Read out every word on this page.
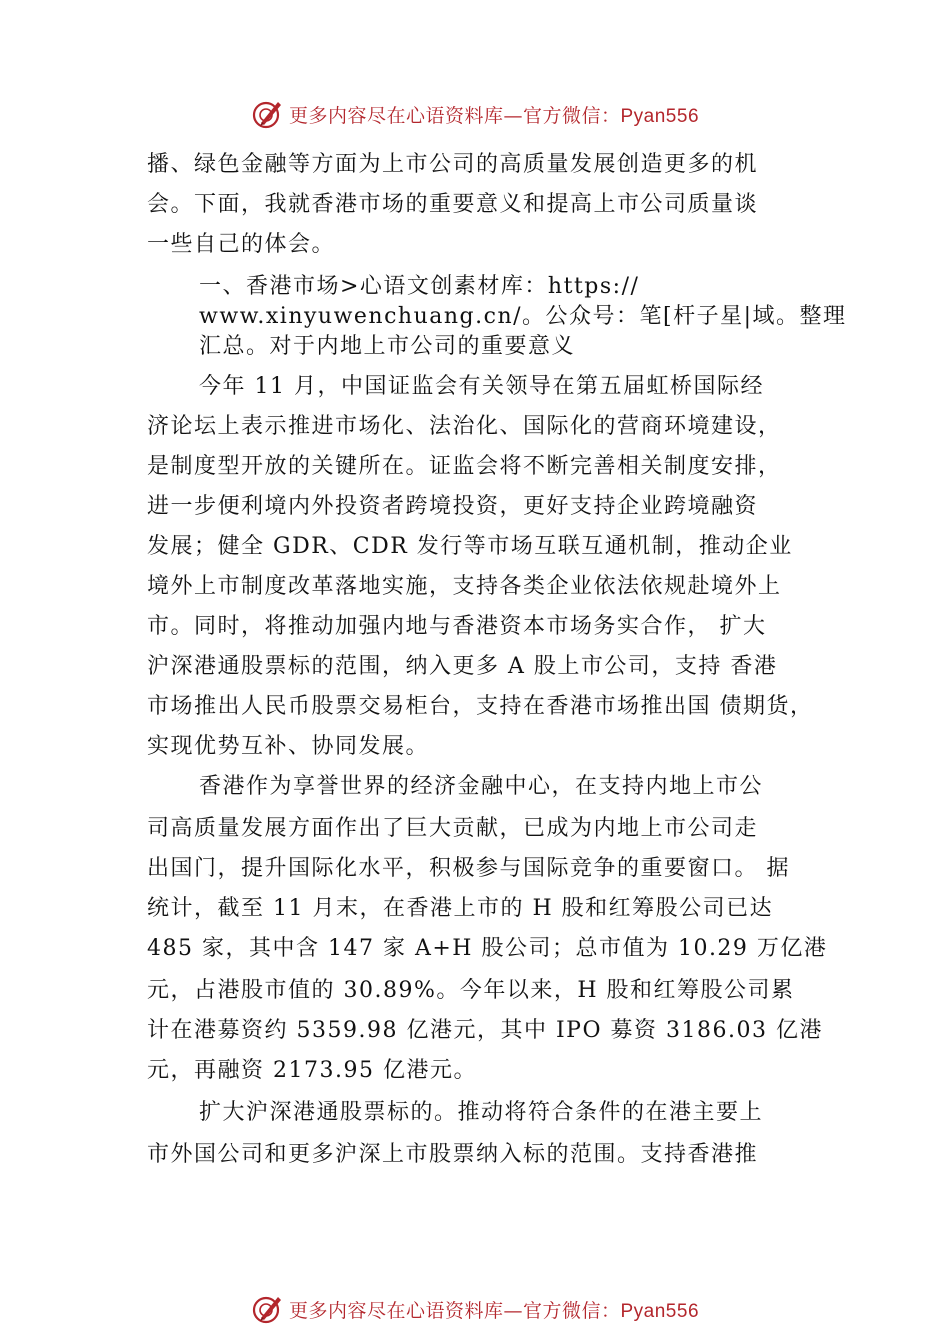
更多内容尽在心语资料库—官方微信：Pyan556
播、绿色金融等方面为上市公司的高质量发展创造更多的机
会。下面，我就香港市场的重要意义和提高上市公司质量谈
一些自己的体会。
一、香港市场>心语文创素材库：https://
www.xinyuwenchuang.cn/。公众号：笔[杆子星|域。整理
汇总。对于内地上市公司的重要意义
今年 11 月，中国证监会有关领导在第五届虹桥国际经
济论坛上表示推进市场化、法治化、国际化的营商环境建设，
是制度型开放的关键所在。证监会将不断完善相关制度安排，
进一步便利境内外投资者跨境投资，更好支持企业跨境融资
发展；健全 GDR、CDR 发行等市场互联互通机制，推动企业
境外上市制度改革落地实施，支持各类企业依法依规赴境外上
市。同时，将推动加强内地与香港资本市场务实合作， 扩大
沪深港通股票标的范围，纳入更多 A 股上市公司，支持 香港
市场推出人民币股票交易柜台，支持在香港市场推出国 债期货，
实现优势互补、协同发展。
香港作为享誉世界的经济金融中心，在支持内地上市公
司高质量发展方面作出了巨大贡献，已成为内地上市公司走
出国门，提升国际化水平，积极参与国际竞争的重要窗口。 据
统计，截至 11 月末，在香港上市的 H 股和红筹股公司已达
485 家，其中含 147 家 A+H 股公司；总市值为 10.29 万亿港
元，占港股市值的 30.89%。今年以来，H 股和红筹股公司累
计在港募资约 5359.98 亿港元，其中 IPO 募资 3186.03 亿港
元，再融资 2173.95 亿港元。
扩大沪深港通股票标的。推动将符合条件的在港主要上
市外国公司和更多沪深上市股票纳入标的范围。支持香港推
更多内容尽在心语资料库—官方微信：Pyan556
